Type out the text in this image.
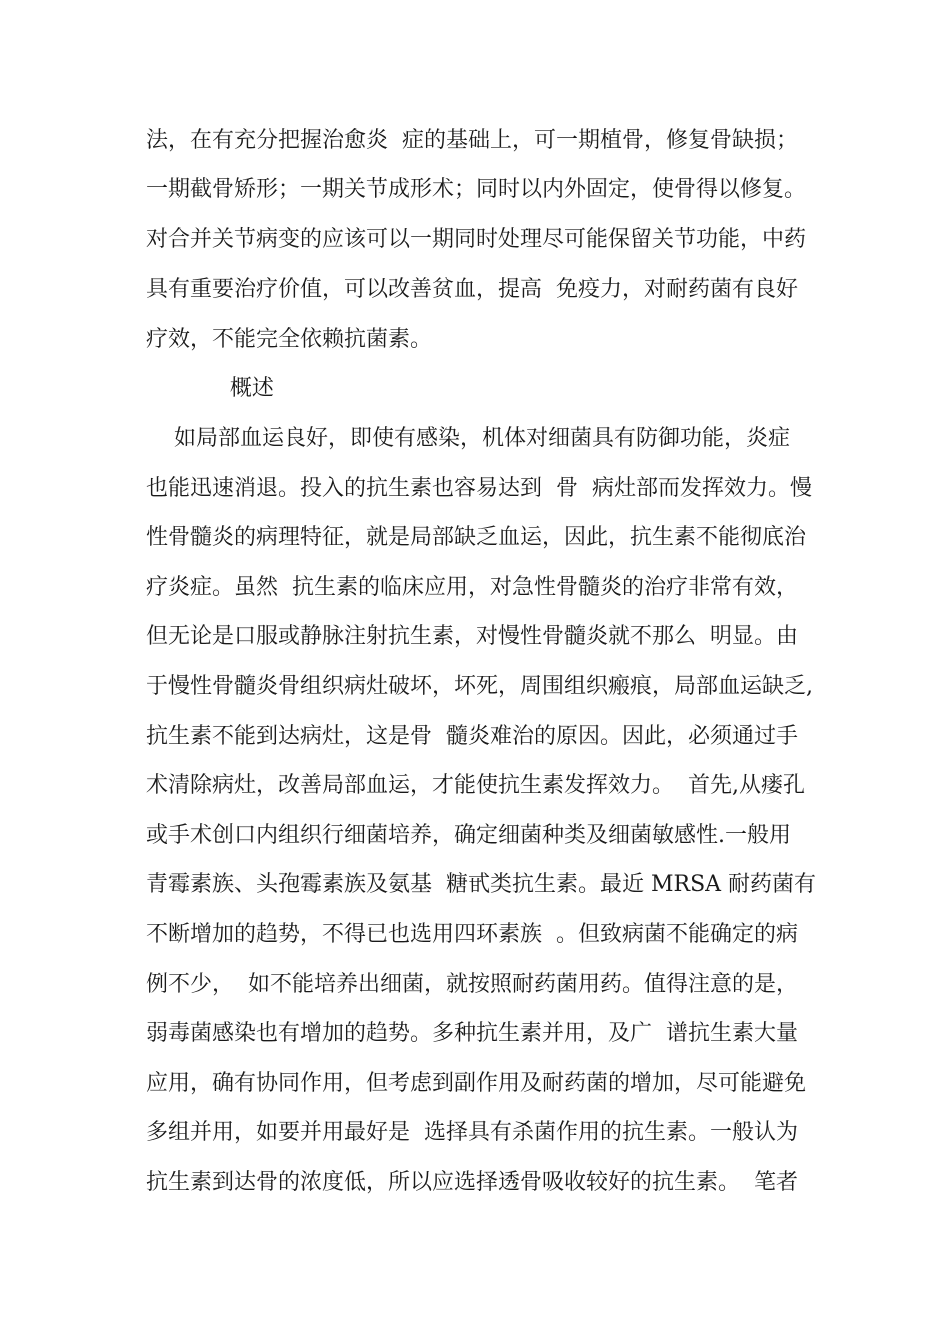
法，在有充分把握治愈炎  症的基础上，可一期植骨，修复骨缺损；

一期截骨矫形；一期关节成形术；同时以内外固定，使骨得以修复。

对合并关节病变的应该可以一期同时处理尽可能保留关节功能，中药

具有重要治疗价值，可以改善贫血，提高  免疫力，对耐药菌有良好

疗效，不能完全依赖抗菌素。

概述

如局部血运良好，即使有感染，机体对细菌具有防御功能，炎症

也能迅速消退。投入的抗生素也容易达到  骨  病灶部而发挥效力。慢

性骨髓炎的病理特征，就是局部缺乏血运，因此，抗生素不能彻底治

疗炎症。虽然  抗生素的临床应用，对急性骨髓炎的治疗非常有效，

但无论是口服或静脉注射抗生素，对慢性骨髓炎就不那么  明显。由

于慢性骨髓炎骨组织病灶破坏，坏死，周围组织瘢痕，局部血运缺乏,

抗生素不能到达病灶，这是骨  髓炎难治的原因。因此，必须通过手

术清除病灶，改善局部血运，才能使抗生素发挥效力。  首先,从瘘孔

或手术创口内组织行细菌培养，确定细菌种类及细菌敏感性.一般用

青霉素族、头孢霉素族及氨基  糖甙类抗生素。最近 MRSA 耐药菌有

不断增加的趋势，不得已也选用四环素族  。但致病菌不能确定的病

例不少，  如不能培养出细菌，就按照耐药菌用药。值得注意的是，

弱毒菌感染也有增加的趋势。多种抗生素并用，及广  谱抗生素大量

应用，确有协同作用，但考虑到副作用及耐药菌的增加，尽可能避免

多组并用，如要并用最好是  选择具有杀菌作用的抗生素。一般认为

抗生素到达骨的浓度低，所以应选择透骨吸收较好的抗生素。  笔者
